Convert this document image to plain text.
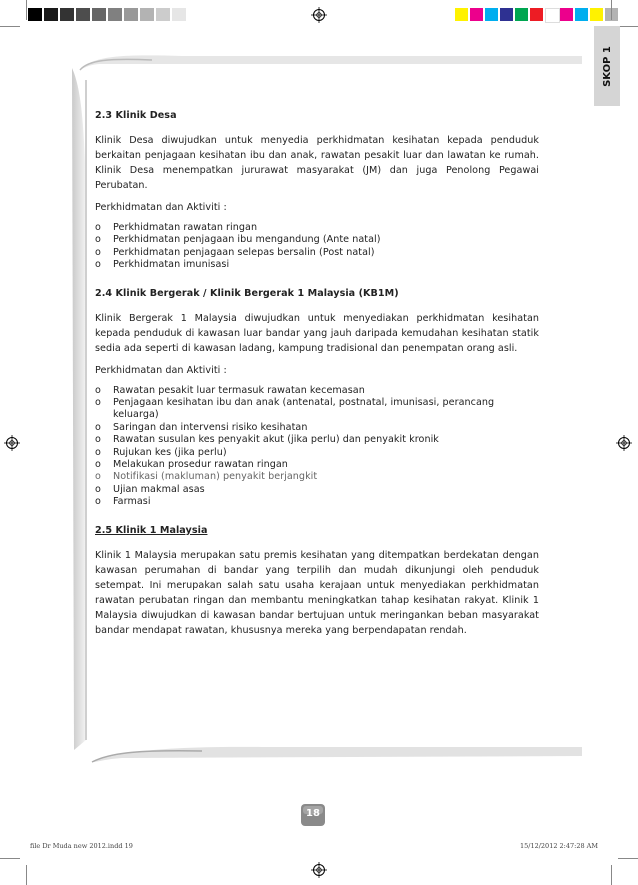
SKOP 1

2.3 Klinik Desa

Klinik Desa diwujudkan untuk menyedia perkhidmatan kesihatan kepada penduduk berkaitan penjagaan kesihatan ibu dan anak, rawatan pesakit luar dan lawatan ke rumah. Klinik Desa menempatkan jururawat masyarakat (JM) dan juga Penolong Pegawai Perubatan.

Perkhidmatan dan Aktiviti :

o Perkhidmatan rawatan ringan
o Perkhidmatan penjagaan ibu mengandung (Ante natal)
o Perkhidmatan penjagaan selepas bersalin (Post natal)
o Perkhidmatan imunisasi

2.4 Klinik Bergerak / Klinik Bergerak 1 Malaysia (KB1M)

Klinik Bergerak 1 Malaysia diwujudkan untuk menyediakan perkhidmatan kesihatan kepada penduduk di kawasan luar bandar yang jauh daripada kemudahan kesihatan statik sedia ada seperti di kawasan ladang, kampung tradisional dan penempatan orang asli.

Perkhidmatan dan Aktiviti :

o Rawatan pesakit luar termasuk rawatan kecemasan
o Penjagaan kesihatan ibu dan anak (antenatal, postnatal, imunisasi, perancang keluarga)
o Saringan dan intervensi risiko kesihatan
o Rawatan susulan kes penyakit akut (jika perlu) dan penyakit kronik
o Rujukan kes (jika perlu)
o Melakukan prosedur rawatan ringan
o Notifikasi (makluman) penyakit berjangkit
o Ujian makmal asas
o Farmasi

2.5 Klinik 1 Malaysia

Klinik 1 Malaysia merupakan satu premis kesihatan yang ditempatkan berdekatan dengan kawasan perumahan di bandar yang terpilih dan mudah dikunjungi oleh penduduk setempat. Ini merupakan salah satu usaha kerajaan untuk menyediakan perkhidmatan rawatan perubatan ringan dan membantu meningkatkan tahap kesihatan rakyat. Klinik 1 Malaysia diwujudkan di kawasan bandar bertujuan untuk meringankan beban masyarakat bandar mendapat rawatan, khususnya mereka yang berpendapatan rendah.

18
file Dr Muda new 2012.indd 19	15/12/2012 2:47:28 AM
